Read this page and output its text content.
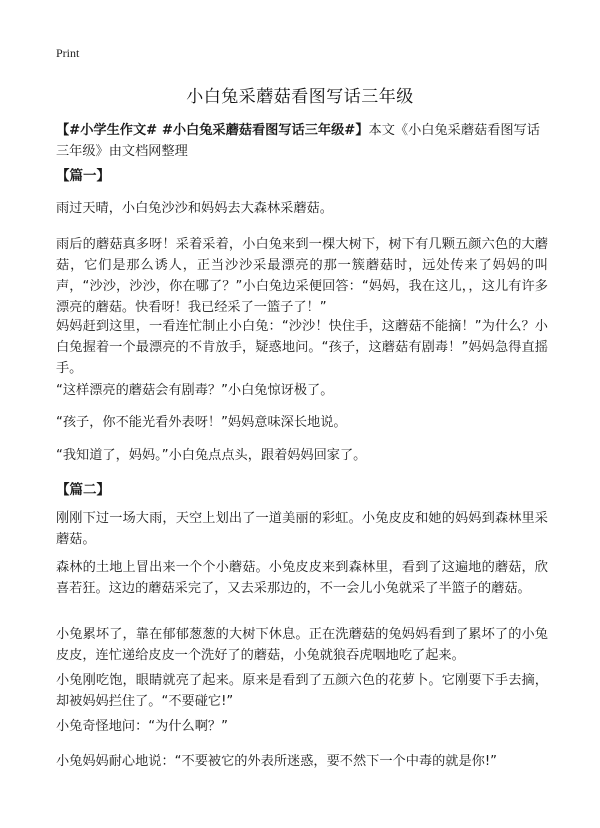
Print
小白兔采蘑菇看图写话三年级
【#小学生作文# #小白兔采蘑菇看图写话三年级#】本文《小白兔采蘑菇看图写话三年级》由文档网整理
【篇一】
雨过天晴，小白兔沙沙和妈妈去大森林采蘑菇。
雨后的蘑菇真多呀！采着采着，小白兔来到一棵大树下，树下有几颗五颜六色的大蘑菇，它们是那么诱人，正当沙沙采最漂亮的那一簇蘑菇时，远处传来了妈妈的叫声，“沙沙，沙沙，你在哪了？”小白兔边采便回答：“妈妈，我在这儿，，这儿有许多漂亮的蘑菇。快看呀！我已经采了一篮子了！”
妈妈赶到这里，一看连忙制止小白兔：“沙沙！快住手，这蘑菇不能摘！”为什么？小白兔握着一个最漂亮的不肯放手，疑惑地问。“孩子，这蘑菇有剧毒！”妈妈急得直摇手。
“这样漂亮的蘑菇会有剧毒？”小白兔惊讶极了。
“孩子，你不能光看外表呀！”妈妈意味深长地说。
“我知道了，妈妈。”小白兔点点头，跟着妈妈回家了。
【篇二】
刚刚下过一场大雨，天空上划出了一道美丽的彩虹。小兔皮皮和她的妈妈到森林里采蘑菇。
森林的土地上冒出来一个个小蘑菇。小兔皮皮来到森林里，看到了这遍地的蘑菇，欣喜若狂。这边的蘑菇采完了，又去采那边的，不一会儿小兔就采了半篮子的蘑菇。
小兔累坏了，靠在郁郁葱葱的大树下休息。正在洗蘑菇的兔妈妈看到了累坏了的小兔皮皮，连忙递给皮皮一个洗好了的蘑菇，小兔就狼吞虎咽地吃了起来。
小兔刚吃饱，眼睛就亮了起来。原来是看到了五颜六色的花萝卜。它刚要下手去摘，却被妈妈拦住了。“不要碰它!”
小兔奇怪地问：“为什么啊？”
小兔妈妈耐心地说：“不要被它的外表所迷惑，要不然下一个中毒的就是你!”
